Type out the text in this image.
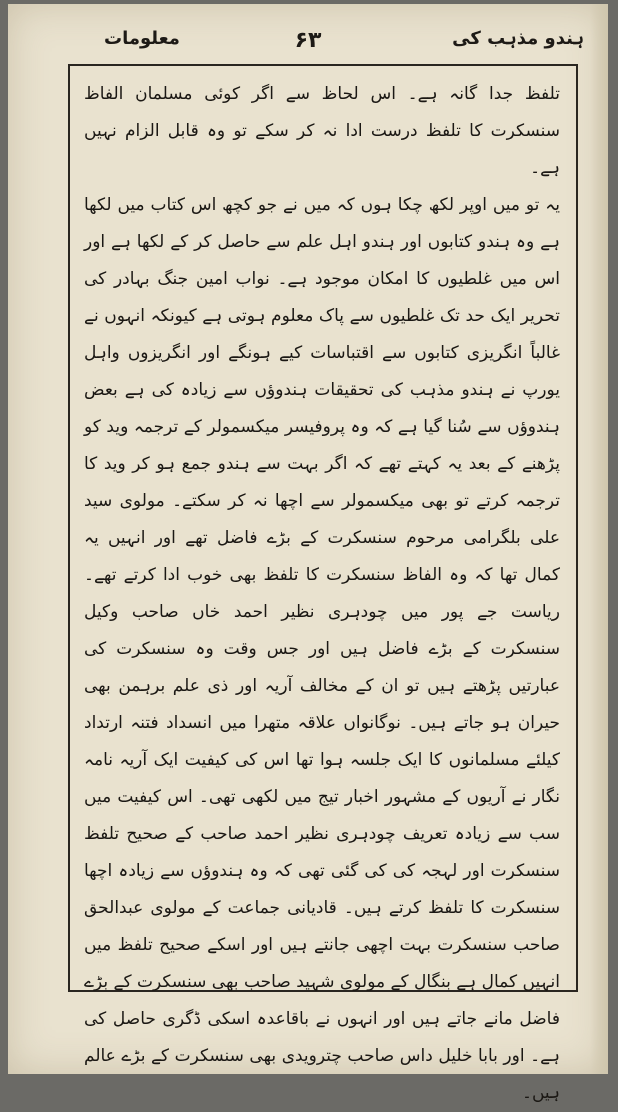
ہندو مذہب کی
۶۳
معلومات

تلفظ جدا گانہ ہے۔ اس لحاظ سے اگر کوئی مسلمان الفاظ سنسکرت کا تلفظ درست ادا نہ کر سکے تو وہ قابل الزام نہیں ہے۔

یہ تو میں اوپر لکھ چکا ہوں کہ میں نے جو کچھ اس کتاب میں لکھا ہے وہ ہندو کتابوں اور ہندو اہل علم سے حاصل کر کے لکھا ہے اور اس میں غلطیوں کا امکان موجود ہے۔ نواب امین جنگ بہادر کی تحریر ایک حد تک غلطیوں سے پاک معلوم ہوتی ہے کیونکہ انہوں نے غالباً انگریزی کتابوں سے اقتباسات کیے ہونگے اور انگریزوں واہل یورپ نے ہندو مذہب کی تحقیقات ہندوؤں سے زیادہ کی ہے بعض ہندوؤں سے سُنا گیا ہے کہ وہ پروفیسر میکسمولر کے ترجمہ وید کو پڑھنے کے بعد یہ کہتے تھے کہ اگر بہت سے ہندو جمع ہو کر وید کا ترجمہ کرتے تو بھی میکسمولر سے اچھا نہ کر سکتے۔ مولوی سید علی بلگرامی مرحوم سنسکرت کے بڑے فاضل تھے اور انہیں یہ کمال تھا کہ وہ الفاظ سنسکرت کا تلفظ بھی خوب ادا کرتے تھے۔ ریاست جے پور میں چودہری نظیر احمد خاں صاحب وکیل سنسکرت کے بڑے فاضل ہیں اور جس وقت وہ سنسکرت کی عبارتیں پڑھتے ہیں تو ان کے مخالف آریہ اور ذی علم برہمن بھی حیران ہو جاتے ہیں۔ نوگانواں علاقہ متھرا میں انسداد فتنہ ارتداد کیلئے مسلمانوں کا ایک جلسہ ہوا تھا اس کی کیفیت ایک آریہ نامہ نگار نے آریوں کے مشہور اخبار تیج میں لکھی تھی۔ اس کیفیت میں سب سے زیادہ تعریف چودہری نظیر احمد صاحب کے صحیح تلفظ سنسکرت اور لہجہ کی کی گئی تھی کہ وہ ہندوؤں سے زیادہ اچھا سنسکرت کا تلفظ کرتے ہیں۔ قادیانی جماعت کے مولوی عبدالحق صاحب سنسکرت بہت اچھی جانتے ہیں اور اسکے صحیح تلفظ میں انہیں کمال ہے بنگال کے مولوی شہید صاحب بھی سنسکرت کے بڑے فاضل مانے جاتے ہیں اور انہوں نے باقاعدہ اسکی ڈگری حاصل کی ہے۔ اور بابا خلیل داس صاحب چترویدی بھی سنسکرت کے بڑے عالم ہیں۔
